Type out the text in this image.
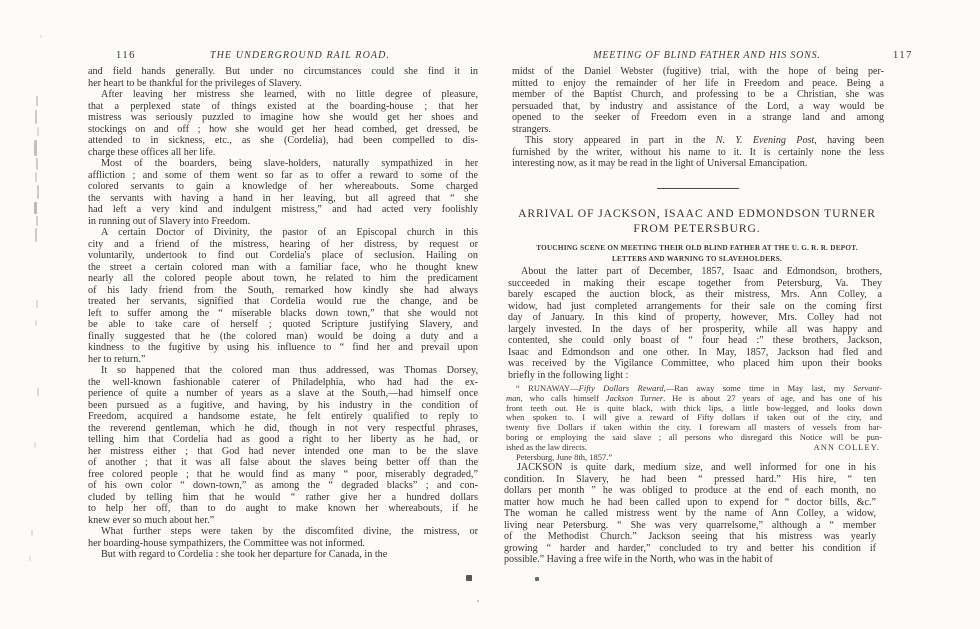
116	THE UNDERGROUND RAIL ROAD.
and field hands generally. But under no circumstances could she find it in
her heart to be thankful for the privileges of Slavery.
After leaving her mistress she learned, with no little degree of pleasure,
that a perplexed state of things existed at the boarding-house ; that her
mistress was seriously puzzled to imagine how she would get her shoes and
stockings on and off ; how she would get her head combed, get dressed, be
attended to in sickness, etc., as she (Cordelia), had been compelled to dis-
charge these offices all her life.
Most of the boarders, being slave-holders, naturally sympathized in her
affliction ; and some of them went so far as to offer a reward to some of the
colored servants to gain a knowledge of her whereabouts. Some charged
the servants with having a hand in her leaving, but all agreed that “ she
had left a very kind and indulgent mistress,” and had acted very foolishly
in running out of Slavery into Freedom.
A certain Doctor of Divinity, the pastor of an Episcopal church in this
city and a friend of the mistress, hearing of her distress, by request or
voluntarily, undertook to find out Cordelia's place of seclusion. Hailing on
the street a certain colored man with a familiar face, who he thought knew
nearly all the colored people about town, he related to him the predicament
of his lady friend from the South, remarked how kindly she had always
treated her servants, signified that Cordelia would rue the change, and be
left to suffer among the “ miserable blacks down town,” that she would not
be able to take care of herself ; quoted Scripture justifying Slavery, and
finally suggested that he (the colored man) would be doing a duty and a
kindness to the fugitive by using his influence to “ find her and prevail upon
her to return.”
It so happened that the colored man thus addressed, was Thomas Dorsey,
the well-known fashionable caterer of Philadelphia, who had had the ex-
perience of quite a number of years as a slave at the South,—had himself once
been pursued as a fugitive, and having, by his industry in the condition of
Freedom, acquired a handsome estate, he felt entirely qualified to reply to
the reverend gentleman, which he did, though in not very respectful phrases,
telling him that Cordelia had as good a right to her liberty as he had, or
her mistress either ; that God had never intended one man to be the slave
of another ; that it was all false about the slaves being better off than the
free colored people ; that he would find as many “ poor, miserably degraded,”
of his own color “ down-town,” as among the “ degraded blacks” ; and con-
cluded by telling him that he would “ rather give her a hundred dollars
to help her off, than to do aught to make known her whereabouts, if he
knew ever so much about her.”
What further steps were taken by the discomfited divine, the mistress, or
her boarding-house sympathizers, the Committee was not informed.
But with regard to Cordelia : she took her departure for Canada, in the
MEETING OF BLIND FATHER AND HIS SONS.	117
midst of the Daniel Webster (fugitive) trial, with the hope of being per-
mitted to enjoy the remainder of her life in Freedom and peace. Being a
member of the Baptist Church, and professing to be a Christian, she was
persuaded that, by industry and assistance of the Lord, a way would be
opened to the seeker of Freedom even in a strange land and among
strangers.
This story appeared in part in the N. Y. Evening Post, having been
furnished by the writer, without his name to it. It is certainly none the less
interesting now, as it may be read in the light of Universal Emancipation.
ARRIVAL OF JACKSON, ISAAC AND EDMONDSON TURNER
FROM PETERSBURG.
TOUCHING SCENE ON MEETING THEIR OLD BLIND FATHER AT THE U. G. R. R. DEPOT.
LETTERS AND WARNING TO SLAVEHOLDERS.
About the latter part of December, 1857, Isaac and Edmondson, brothers,
succeeded in making their escape together from Petersburg, Va. They
barely escaped the auction block, as their mistress, Mrs. Ann Colley, a
widow, had just completed arrangements for their sale on the coming first
day of January. In this kind of property, however, Mrs. Colley had not
largely invested. In the days of her prosperity, while all was happy and
contented, she could only boast of “ four head :” these brothers, Jackson,
Isaac and Edmondson and one other. In May, 1857, Jackson had fled and
was received by the Vigilance Committee, who placed him upon their books
briefly in the following light :
“ RUNAWAY—Fifty Dollars Reward,—Ran away some time in May last, my Servant-
man, who calls himself Jackson Turner. He is about 27 years of age, and has one of his
front teeth out. He is quite black, with thick lips, a little bow-legged, and looks down
when spoken to. I will give a reward of Fifty dollars if taken out of the city, and
twenty five Dollars if taken within the city. I forewarn all masters of vessels from har-
boring or employing the said slave ; all persons who disregard this Notice will be pun-
ished as the law directs.	ANN COLLEY.
Petersburg, June 8th, 1857.”
JACKSON is quite dark, medium size, and well informed for one in his
condition. In Slavery, he had been “ pressed hard.” His hire, “ ten
dollars per month ” he was obliged to produce at the end of each month, no
matter how much he had been called upon to expend for “ doctor bills, &c.”
The woman he called mistress went by the name of Ann Colley, a widow,
living near Petersburg. “ She was very quarrelsome,” although a “ member
of the Methodist Church.” Jackson seeing that his mistress was yearly
growing “ harder and harder,” concluded to try and better his condition if
possible.” Having a free wife in the North, who was in the habit of
